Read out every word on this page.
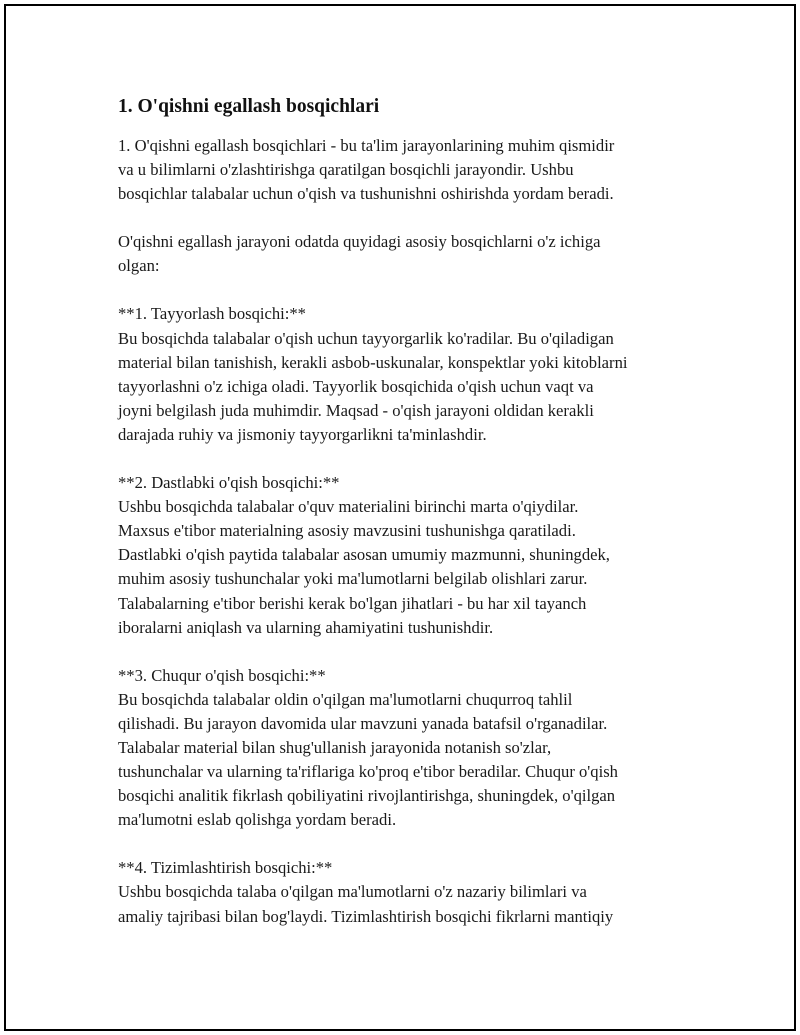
1. O'qishni egallash bosqichlari

1. O'qishni egallash bosqichlari - bu ta'lim jarayonlarining muhim qismidir
va u bilimlarni o'zlashtirishga qaratilgan bosqichli jarayondir. Ushbu
bosqichlar talabalar uchun o'qish va tushunishni oshirishda yordam beradi.

O'qishni egallash jarayoni odatda quyidagi asosiy bosqichlarni o'z ichiga
olgan:

**1. Tayyorlash bosqichi:**
Bu bosqichda talabalar o'qish uchun tayyorgarlik ko'radilar. Bu o'qiladigan
material bilan tanishish, kerakli asbob-uskunalar, konspektlar yoki kitoblarni
tayyorlashni o'z ichiga oladi. Tayyorlik bosqichida o'qish uchun vaqt va
joyni belgilash juda muhimdir. Maqsad - o'qish jarayoni oldidan kerakli
darajada ruhiy va jismoniy tayyorgarlikni ta'minlashdir.

**2. Dastlabki o'qish bosqichi:**
Ushbu bosqichda talabalar o'quv materialini birinchi marta o'qiydilar.
Maxsus e'tibor materialning asosiy mavzusini tushunishga qaratiladi.
Dastlabki o'qish paytida talabalar asosan umumiy mazmunni, shuningdek,
muhim asosiy tushunchalar yoki ma'lumotlarni belgilab olishlari zarur.
Talabalarning e'tibor berishi kerak bo'lgan jihatlari - bu har xil tayanch
iboralarni aniqlash va ularning ahamiyatini tushunishdir.

**3. Chuqur o'qish bosqichi:**
Bu bosqichda talabalar oldin o'qilgan ma'lumotlarni chuqurroq tahlil
qilishadi. Bu jarayon davomida ular mavzuni yanada batafsil o'rganadilar.
Talabalar material bilan shug'ullanish jarayonida notanish so'zlar,
tushunchalar va ularning ta'riflariga ko'proq e'tibor beradilar. Chuqur o'qish
bosqichi analitik fikrlash qobiliyatini rivojlantirishga, shuningdek, o'qilgan
ma'lumotni eslab qolishga yordam beradi.

**4. Tizimlashtirish bosqichi:**
Ushbu bosqichda talaba o'qilgan ma'lumotlarni o'z nazariy bilimlari va
amaliy tajribasi bilan bog'laydi. Tizimlashtirish bosqichi fikrlarni mantiqiy
